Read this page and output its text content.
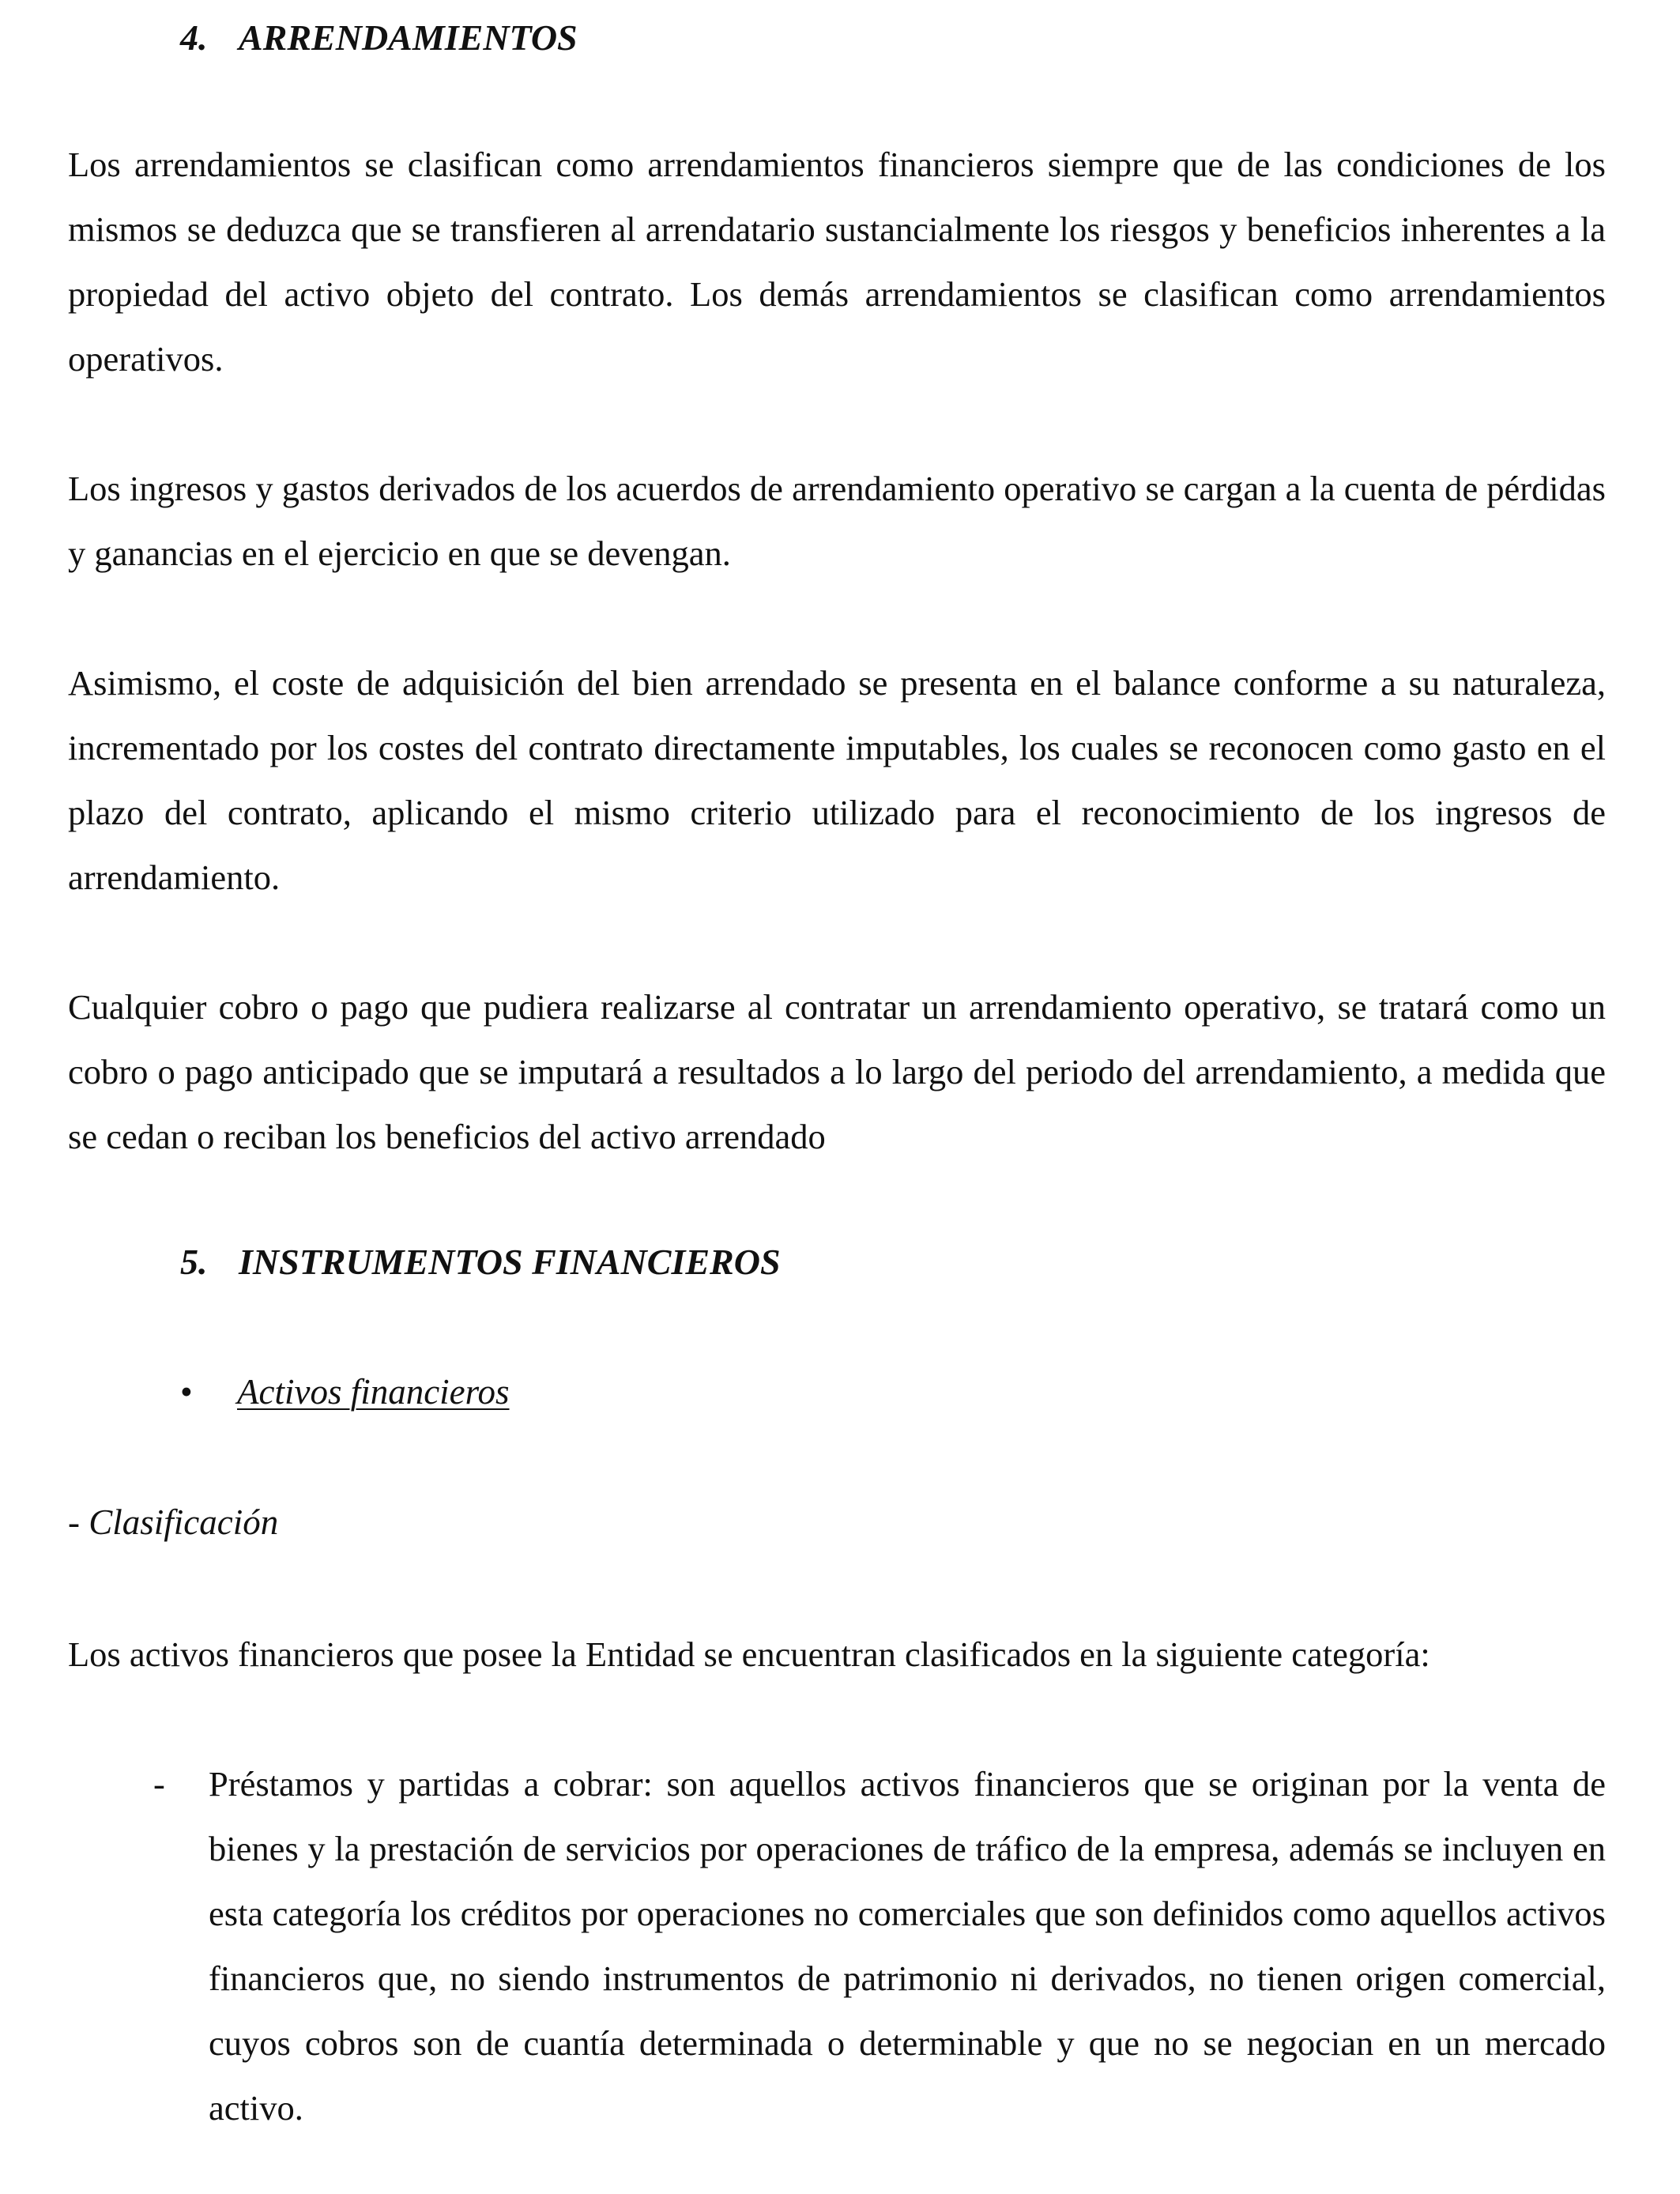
4. ARRENDAMIENTOS

Los arrendamientos se clasifican como arrendamientos financieros siempre que de las condiciones de los mismos se deduzca que se transfieren al arrendatario sustancialmente los riesgos y beneficios inherentes a la propiedad del activo objeto del contrato. Los demás arrendamientos se clasifican como arrendamientos operativos.

Los ingresos y gastos derivados de los acuerdos de arrendamiento operativo se cargan a la cuenta de pérdidas y ganancias en el ejercicio en que se devengan.

Asimismo, el coste de adquisición del bien arrendado se presenta en el balance conforme a su naturaleza, incrementado por los costes del contrato directamente imputables, los cuales se reconocen como gasto en el plazo del contrato, aplicando el mismo criterio utilizado para el reconocimiento de los ingresos de arrendamiento.

Cualquier cobro o pago que pudiera realizarse al contratar un arrendamiento operativo, se tratará como un cobro o pago anticipado que se imputará a resultados a lo largo del periodo del arrendamiento, a medida que se cedan o reciban los beneficios del activo arrendado

5. INSTRUMENTOS FINANCIEROS
• Activos financieros
- Clasificación

Los activos financieros que posee la Entidad se encuentran clasificados en la siguiente categoría:

- Préstamos y partidas a cobrar: son aquellos activos financieros que se originan por la venta de bienes y la prestación de servicios por operaciones de tráfico de la empresa, además se incluyen en esta categoría los créditos por operaciones no comerciales que son definidos como aquellos activos financieros que, no siendo instrumentos de patrimonio ni derivados, no tienen origen comercial, cuyos cobros son de cuantía determinada o determinable y que no se negocian en un mercado activo.
